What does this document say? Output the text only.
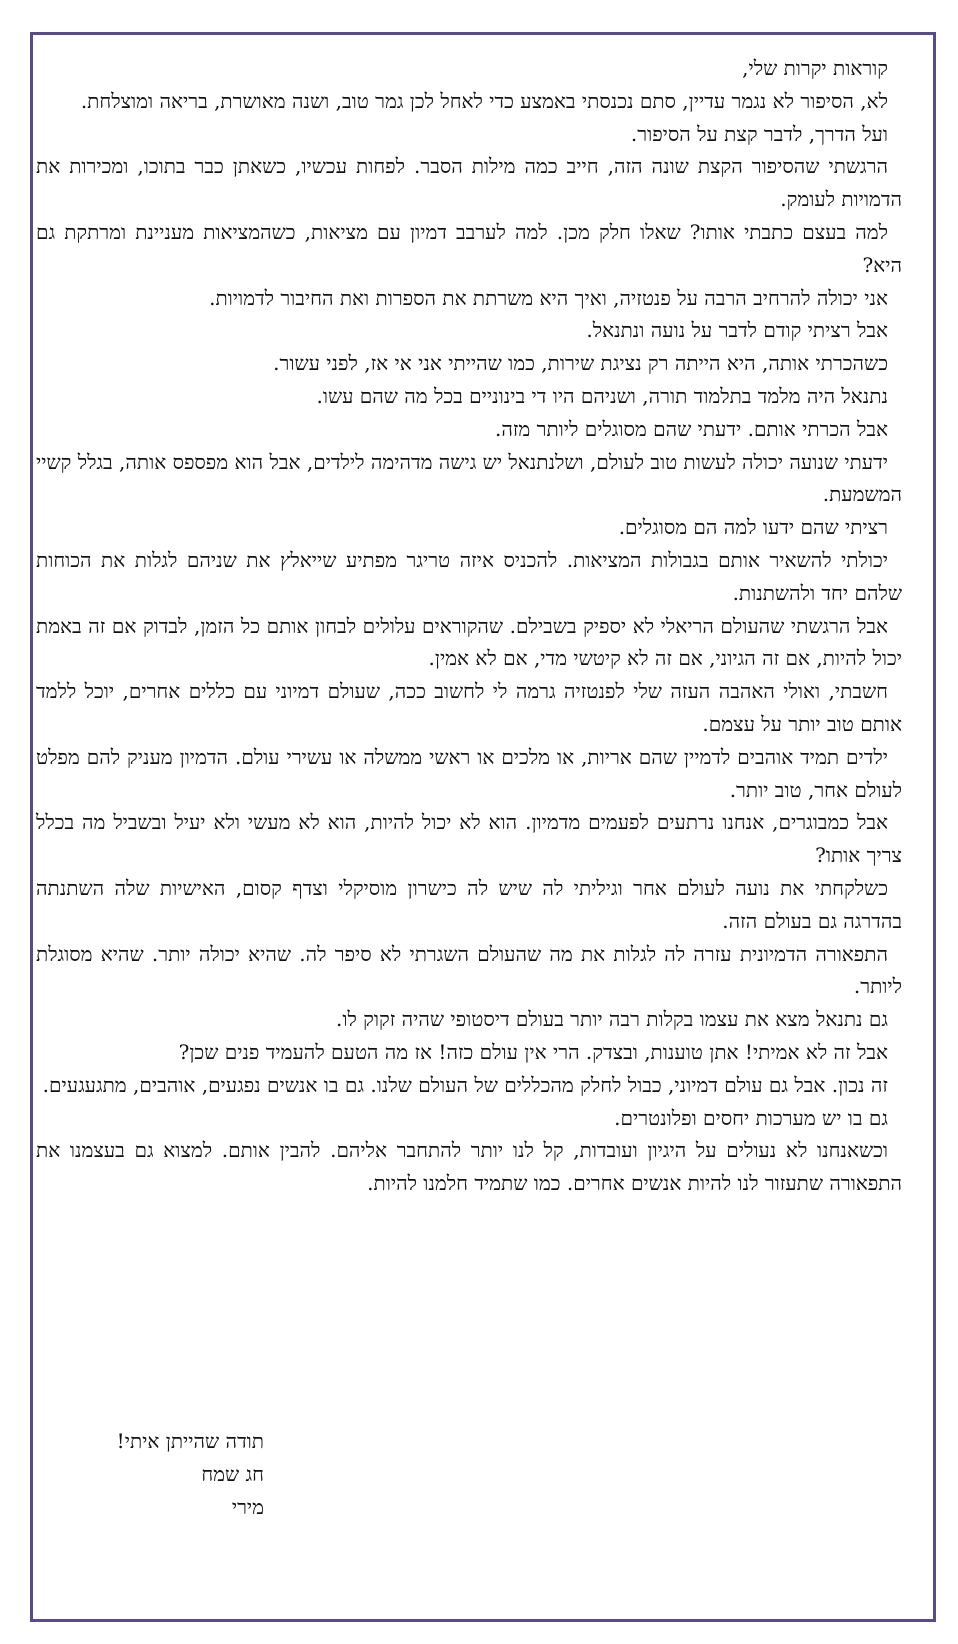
קוראות יקרות שלי,

לא, הסיפור לא נגמר עדיין, סתם נכנסתי באמצע כדי לאחל לכן גמר טוב, ושנה מאושרת, בריאה ומוצלחת.

ועל הדרך, לדבר קצת על הסיפור.

הרגשתי שהסיפור הקצת שונה הזה, חייב כמה מילות הסבר. לפחות עכשיו, כשאתן כבר בתוכו, ומכירות את הדמויות לעומק.

למה בעצם כתבתי אותו? שאלו חלק מכן. למה לערבב דמיון עם מציאות, כשהמציאות מעניינת ומרתקת גם היא?

אני יכולה להרחיב הרבה על פנטזיה, ואיך היא משרתת את הספרות ואת החיבור לדמויות.

אבל רציתי קודם לדבר על נועה ונתנאל.

כשהכרתי אותה, היא הייתה רק נציגת שירות, כמו שהייתי אני אי אז, לפני עשור.

נתנאל היה מלמד בתלמוד תורה, ושניהם היו די בינוניים בכל מה שהם עשו.

אבל הכרתי אותם. ידעתי שהם מסוגלים ליותר מזה.

ידעתי שנועה יכולה לעשות טוב לעולם, ושלנתנאל יש גישה מדהימה לילדים, אבל הוא מפספס אותה, בגלל קשיי המשמעת.

רציתי שהם ידעו למה הם מסוגלים.

יכולתי להשאיר אותם בגבולות המציאות. להכניס איזה טריגר מפתיע שייאלץ את שניהם לגלות את הכוחות שלהם יחד ולהשתנות.

אבל הרגשתי שהעולם הריאלי לא יספיק בשבילם. שהקוראים עלולים לבחון אותם כל הזמן, לבדוק אם זה באמת יכול להיות, אם זה הגיוני, אם זה לא קיטשי מדי, אם לא אמין.

חשבתי, ואולי האהבה העזה שלי לפנטזיה גרמה לי לחשוב ככה, שעולם דמיוני עם כללים אחרים, יוכל ללמד אותם טוב יותר על עצמם.

ילדים תמיד אוהבים לדמיין שהם אריות, או מלכים או ראשי ממשלה או עשירי עולם. הדמיון מעניק להם מפלט לעולם אחר, טוב יותר.

אבל כמבוגרים, אנחנו נרתעים לפעמים מדמיון. הוא לא יכול להיות, הוא לא מעשי ולא יעיל ובשביל מה בכלל צריך אותו?

כשלקחתי את נועה לעולם אחר וגיליתי לה שיש לה כישרון מוסיקלי וצדף קסום, האישיות שלה השתנתה בהדרגה גם בעולם הזה.

התפאורה הדמיונית עזרה לה לגלות את מה שהעולם השגרתי לא סיפר לה. שהיא יכולה יותר. שהיא מסוגלת ליותר.

גם נתנאל מצא את עצמו בקלות רבה יותר בעולם דיסטופי שהיה זקוק לו.

אבל זה לא אמיתי! אתן טוענות, ובצדק. הרי אין עולם כזה! אז מה הטעם להעמיד פנים שכן?

זה נכון. אבל גם עולם דמיוני, כבול לחלק מהכללים של העולם שלנו. גם בו אנשים נפגעים, אוהבים, מתגעגעים.

גם בו יש מערכות יחסים ופלונטרים.

וכשאנחנו לא נעולים על היגיון ועובדות, קל לנו יותר להתחבר אליהם. להבין אותם. למצוא גם בעצמנו את התפאורה שתעזור לנו להיות אנשים אחרים. כמו שתמיד חלמנו להיות.

תודה שהייתן איתי!
חג שמח
מירי
